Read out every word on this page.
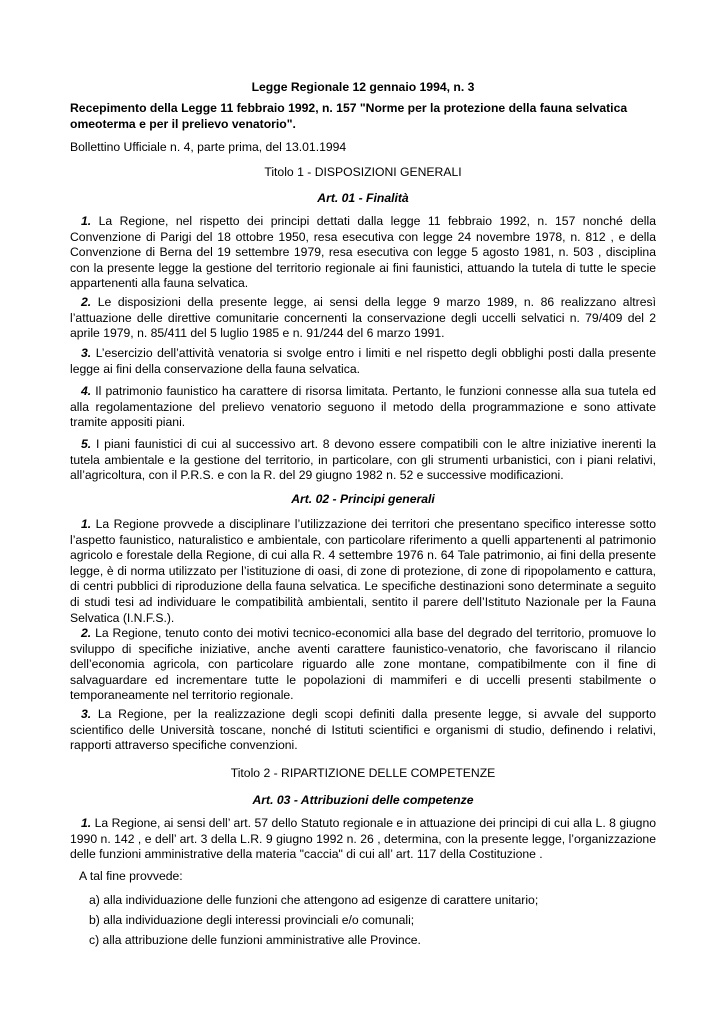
Legge Regionale 12 gennaio 1994, n. 3
Recepimento della Legge 11 febbraio 1992, n. 157 "Norme per la protezione della fauna selvatica omeoterma e per il prelievo venatorio".
Bollettino Ufficiale n. 4, parte prima, del 13.01.1994
Titolo 1 - DISPOSIZIONI GENERALI
Art. 01 - Finalità
1. La Regione, nel rispetto dei principi dettati dalla legge 11 febbraio 1992, n. 157 nonché della Convenzione di Parigi del 18 ottobre 1950, resa esecutiva con legge 24 novembre 1978, n. 812 , e della Convenzione di Berna del 19 settembre 1979, resa esecutiva con legge 5 agosto 1981, n. 503 , disciplina con la presente legge la gestione del territorio regionale ai fini faunistici, attuando la tutela di tutte le specie appartenenti alla fauna selvatica.
2. Le disposizioni della presente legge, ai sensi della legge 9 marzo 1989, n. 86 realizzano altresì l’attuazione delle direttive comunitarie concernenti la conservazione degli uccelli selvatici n. 79/409 del 2 aprile 1979, n. 85/411 del 5 luglio 1985 e n. 91/244 del 6 marzo 1991.
3. L’esercizio dell’attività venatoria si svolge entro i limiti e nel rispetto degli obblighi posti dalla presente legge ai fini della conservazione della fauna selvatica.
4. Il patrimonio faunistico ha carattere di risorsa limitata. Pertanto, le funzioni connesse alla sua tutela ed alla regolamentazione del prelievo venatorio seguono il metodo della programmazione e sono attivate tramite appositi piani.
5. I piani faunistici di cui al successivo art. 8 devono essere compatibili con le altre iniziative inerenti la tutela ambientale e la gestione del territorio, in particolare, con gli strumenti urbanistici, con i piani relativi, all’agricoltura, con il P.R.S. e con la R. del 29 giugno 1982 n. 52 e successive modificazioni.
Art. 02 - Principi generali
1. La Regione provvede a disciplinare l’utilizzazione dei territori che presentano specifico interesse sotto l’aspetto faunistico, naturalistico e ambientale, con particolare riferimento a quelli appartenenti al patrimonio agricolo e forestale della Regione, di cui alla R. 4 settembre 1976 n. 64 Tale patrimonio, ai fini della presente legge, è di norma utilizzato per l’istituzione di oasi, di zone di protezione, di zone di ripopolamento e cattura, di centri pubblici di riproduzione della fauna selvatica. Le specifiche destinazioni sono determinate a seguito di studi tesi ad individuare le compatibilità ambientali, sentito il parere dell’Istituto Nazionale per la Fauna Selvatica (I.N.F.S.).
2. La Regione, tenuto conto dei motivi tecnico-economici alla base del degrado del territorio, promuove lo sviluppo di specifiche iniziative, anche aventi carattere faunistico-venatorio, che favoriscano il rilancio dell’economia agricola, con particolare riguardo alle zone montane, compatibilmente con il fine di salvaguardare ed incrementare tutte le popolazioni di mammiferi e di uccelli presenti stabilmente o temporaneamente nel territorio regionale.
3. La Regione, per la realizzazione degli scopi definiti dalla presente legge, si avvale del supporto scientifico delle Università toscane, nonché di Istituti scientifici e organismi di studio, definendo i relativi, rapporti attraverso specifiche convenzioni.
Titolo 2 - RIPARTIZIONE DELLE COMPETENZE
Art. 03 - Attribuzioni delle competenze
1. La Regione, ai sensi dell’ art. 57 dello Statuto regionale e in attuazione dei principi di cui alla L. 8 giugno 1990 n. 142 , e dell’ art. 3 della L.R. 9 giugno 1992 n. 26 , determina, con la presente legge, l’organizzazione delle funzioni amministrative della materia "caccia" di cui all’ art. 117 della Costituzione .
A tal fine provvede:
a) alla individuazione delle funzioni che attengono ad esigenze di carattere unitario;
b) alla individuazione degli interessi provinciali e/o comunali;
c) alla attribuzione delle funzioni amministrative alle Province.
